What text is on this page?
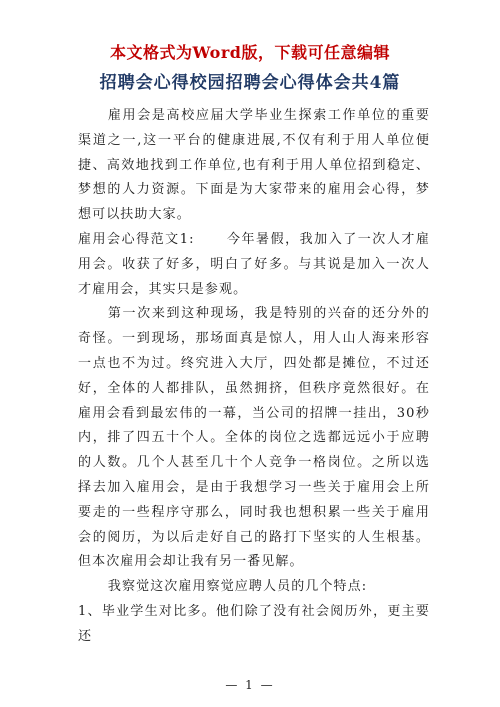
本文格式为Word版，下载可任意编辑
招聘会心得校园招聘会心得体会共4篇

雇用会是高校应届大学毕业生探索工作单位的重要渠道之一,这一平台的健康进展,不仅有利于用人单位便捷、高效地找到工作单位,也有利于用人单位招到稳定、梦想的人力资源。下面是为大家带来的雇用会心得，梦想可以扶助大家。

雇用会心得范文1: 今年暑假，我加入了一次人才雇用会。收获了好多，明白了好多。与其说是加入一次人才雇用会，其实只是参观。

第一次来到这种现场，我是特别的兴奋的还分外的奇怪。一到现场，那场面真是惊人，用人山人海来形容一点也不为过。终究进入大厅，四处都是摊位，不过还好，全体的人都排队，虽然拥挤，但秩序竟然很好。在雇用会看到最宏伟的一幕，当公司的招牌一挂出，30秒内，排了四五十个人。全体的岗位之选都远远小于应聘的人数。几个人甚至几十个人竞争一格岗位。之所以选择去加入雇用会，是由于我想学习一些关于雇用会上所要走的一些程序守那么，同时我也想积累一些关于雇用会的阅历，为以后走好自己的路打下坚实的人生根基。但本次雇用会却让我有另一番见解。

我察觉这次雇用察觉应聘人员的几个特点:

1、毕业学生对比多。他们除了没有社会阅历外，更主要还

— 1 —
